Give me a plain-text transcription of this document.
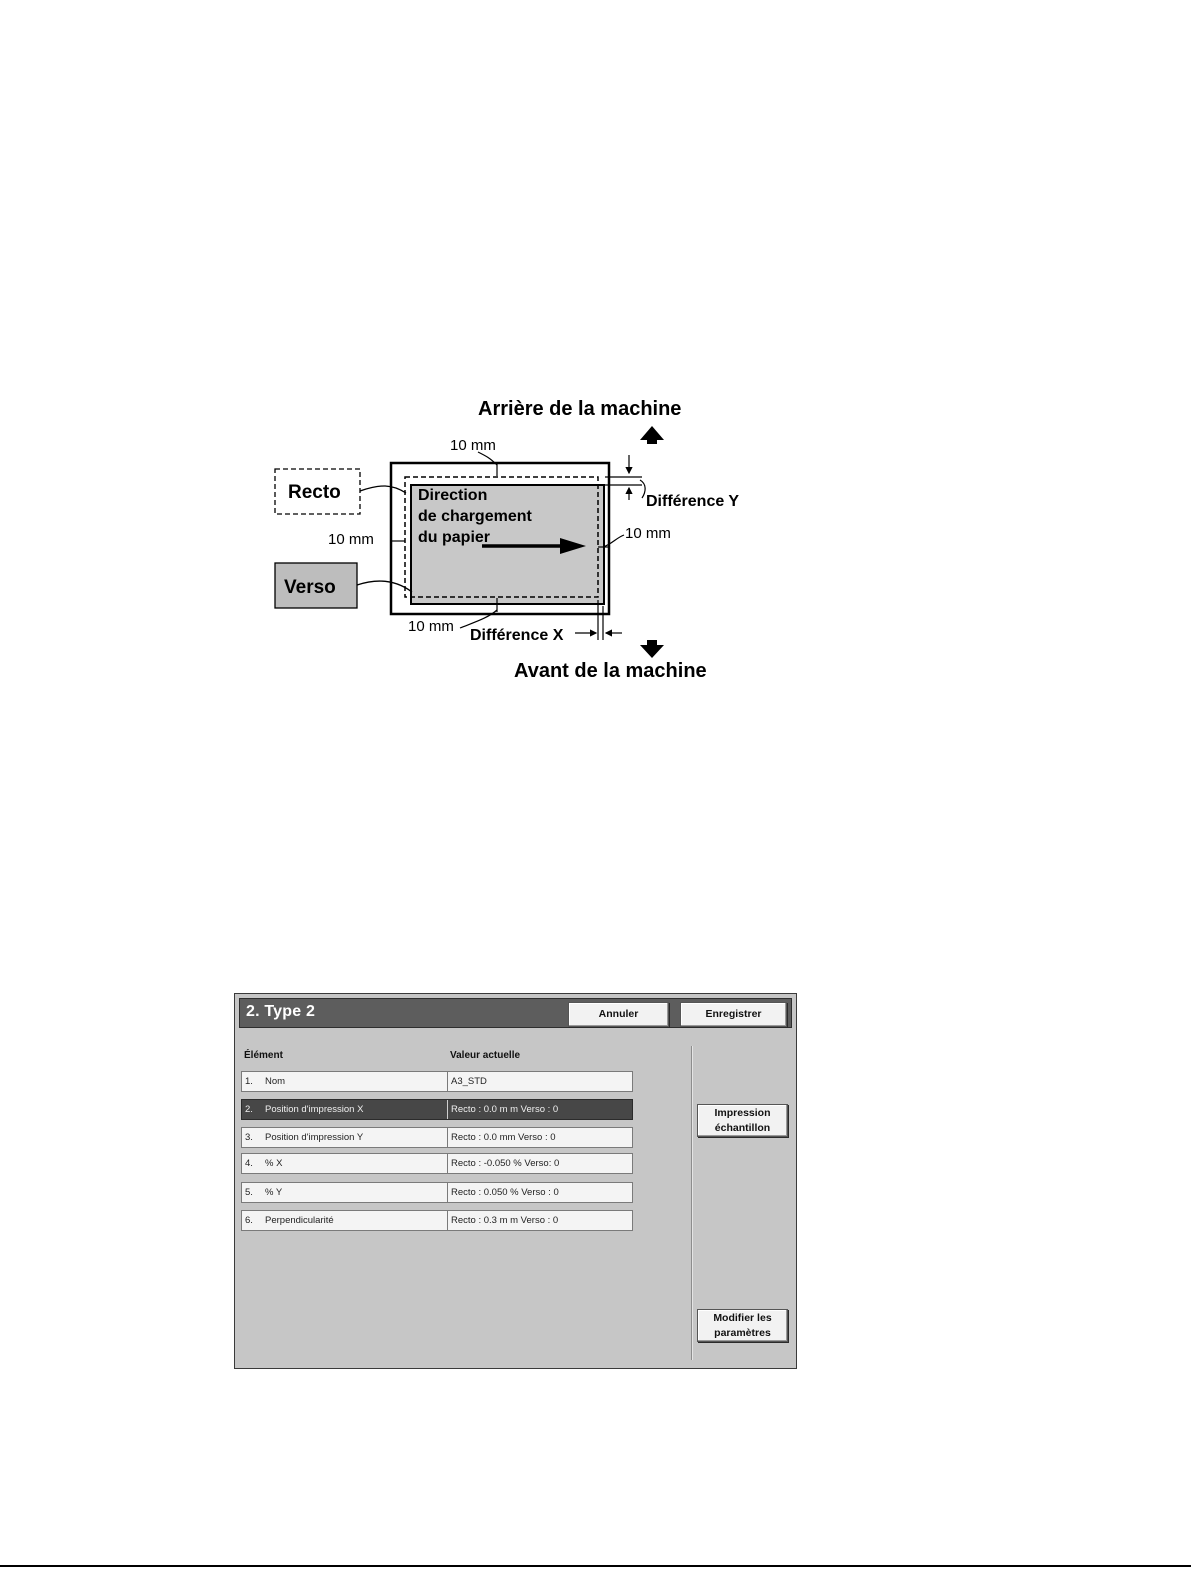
Arrière de la machine
Avant de la machine
Direction
de chargement
du papier
Recto
Verso
10 mm
10 mm	10 mm
10 mm
Différence Y
Différence X
2. Type 2	Annuler	Enregistrer
Élément	Valeur actuelle
1. Nom	A3_STD
2. Position d'impression X	Recto : 0.0 m m Verso : 0
3. Position d'impression Y	Recto : 0.0 mm Verso : 0
4. % X	Recto : -0.050 % Verso: 0
5. % Y	Recto : 0.050 % Verso : 0
6. Perpendicularité	Recto : 0.3 m m Verso : 0
Impression
échantillon
Modifier les
paramètres
